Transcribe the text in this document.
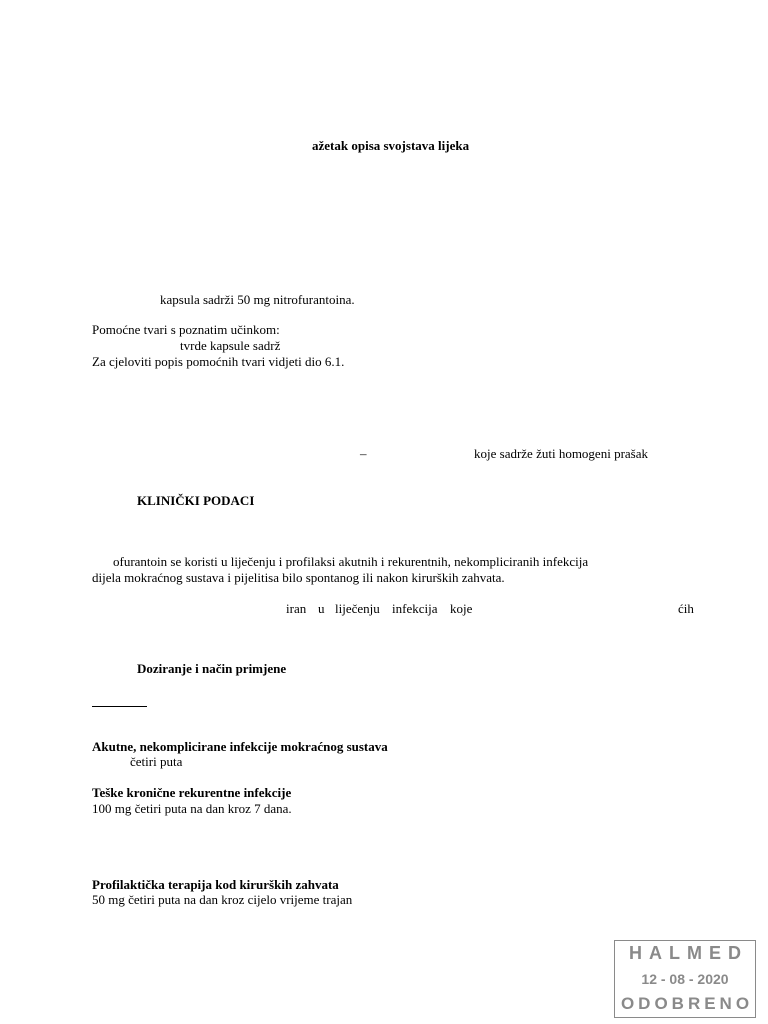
ažetak opisa svojstava lijeka
kapsula sadrži 50 mg nitrofurantoina.
Pomoćne tvari s poznatim učinkom:
tvrde kapsule sadrž
Za cjeloviti popis pomoćnih tvari vidjeti dio 6.1.
–	koje sadrže žuti homogeni prašak
KLINIČKI PODACI
ofurantoin se koristi u liječenju i profilaksi akutnih i rekurentnih, nekompliciranih infekcija
dijela mokraćnog sustava i pijelitisa bilo spontanog ili nakon kirurških zahvata.
iran u liječenju infekcija koje	ćih
Doziranje i način primjene
Akutne, nekomplicirane infekcije mokraćnog sustava
četiri puta
Teške kronične rekurentne infekcije
100 mg četiri puta na dan kroz 7 dana.
Profilaktička terapija kod kirurških zahvata
50 mg četiri puta na dan kroz cijelo vrijeme trajan
HALMED
12 - 08 - 2020
ODOBRENO
